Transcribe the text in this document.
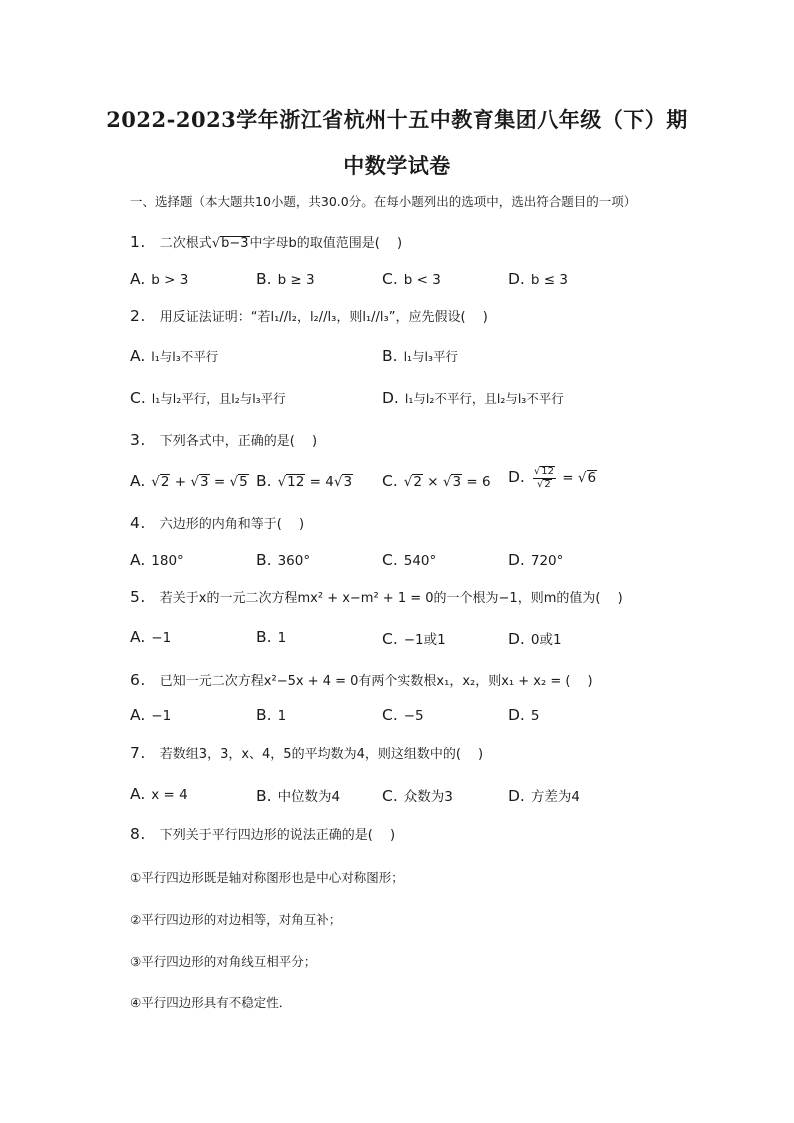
2022-2023学年浙江省杭州十五中教育集团八年级（下）期
中数学试卷
一、选择题（本大题共10小题，共30.0分。在每小题列出的选项中，选出符合题目的一项）
1. 二次根式√b−3中字母b的取值范围是(　 )
A. b > 3	B. b ≥ 3	C. b < 3	D. b ≤ 3
2. 用反证法证明：“若l₁//l₂，l₂//l₃，则l₁//l₃”，应先假设(　 )
A. l₁与l₃不平行	B. l₁与l₃平行
C. l₁与l₂平行，且l₂与l₃平行	D. l₁与l₂不平行，且l₂与l₃不平行
3. 下列各式中，正确的是(　 )
A. √2 + √3 = √5 B. √12 = 4√3 C. √2 × √3 = 6 D. $\frac{√12}{√2} = √6$
4. 六边形的内角和等于(　 )
A. 180°	B. 360°	C. 540°	D. 720°
5. 若关于x的一元二次方程mx² + x−m² + 1 = 0的一个根为−1，则m的值为(　 )
A. −1	B. 1	C. −1或1	D. 0或1
6. 已知一元二次方程x²−5x + 4 = 0有两个实数根x₁，x₂，则x₁ + x₂ = (　 )
A. −1	B. 1	C. −5	D. 5
7. 若数组3，3，x、4，5的平均数为4，则这组数中的(　 )
A. x = 4	B. 中位数为4	C. 众数为3	D. 方差为4
8. 下列关于平行四边形的说法正确的是(　 )
①平行四边形既是轴对称图形也是中心对称图形；
②平行四边形的对边相等，对角互补；
③平行四边形的对角线互相平分；
④平行四边形具有不稳定性．
